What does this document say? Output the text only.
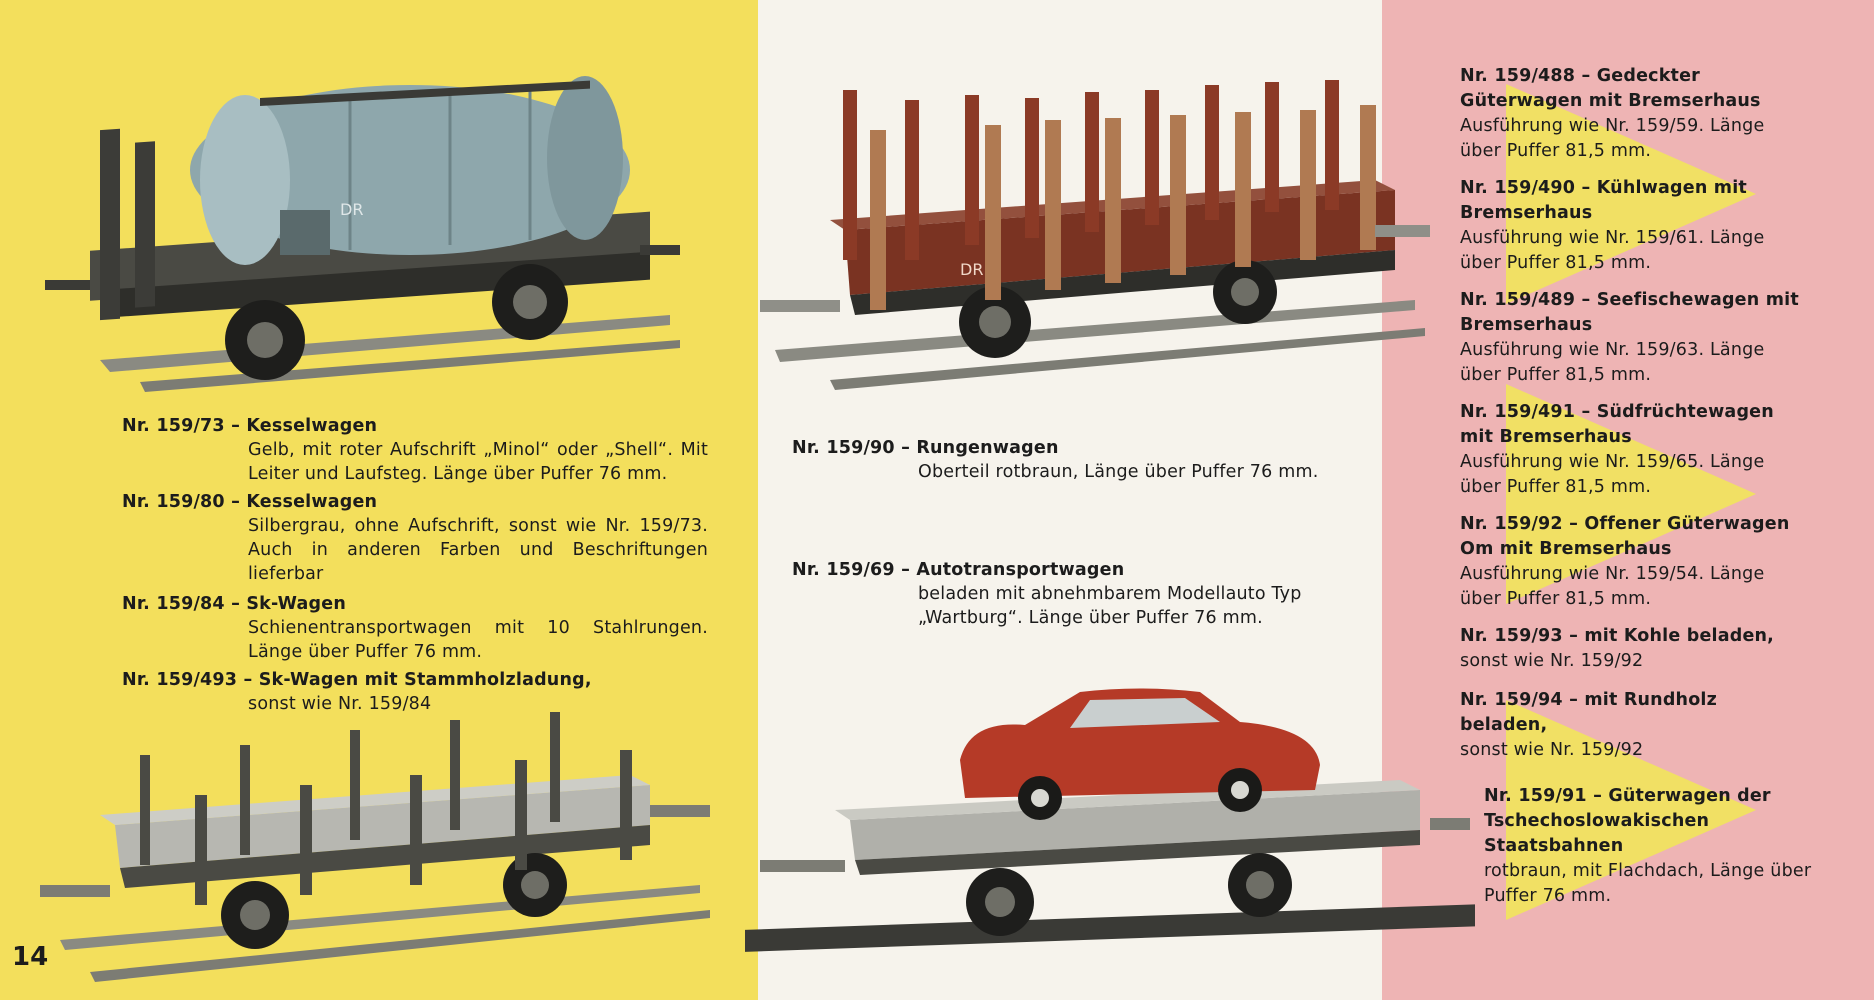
DR
DR
Nr. 159/73 – Kesselwagen
Gelb, mit roter Aufschrift „Minol“ oder „Shell“. Mit Leiter und Laufsteg. Länge über Puffer 76 mm.
Nr. 159/80 – Kesselwagen
Silbergrau, ohne Aufschrift, sonst wie Nr. 159/73. Auch in anderen Farben und Beschriftungen lieferbar
Nr. 159/84 – Sk-Wagen
Schienentransportwagen mit 10 Stahlrungen. Länge über Puffer 76 mm.
Nr. 159/493 – Sk-Wagen mit Stammholzladung,
sonst wie Nr. 159/84
Nr. 159/90 – Rungenwagen
Oberteil rotbraun, Länge über Puffer 76 mm.
Nr. 159/69 – Autotransportwagen
beladen mit abnehmbarem Modellauto Typ „Wartburg“. Länge über Puffer 76 mm.
Nr. 159/488 – Gedeckter Güterwagen mit Bremserhaus
Ausführung wie Nr. 159/59. Länge über Puffer 81,5 mm.
Nr. 159/490 – Kühlwagen mit Bremserhaus
Ausführung wie Nr. 159/61. Länge über Puffer 81,5 mm.
Nr. 159/489 – Seefischewagen mit Bremserhaus
Ausführung wie Nr. 159/63. Länge über Puffer 81,5 mm.
Nr. 159/491 – Südfrüchtewagen mit Bremserhaus
Ausführung wie Nr. 159/65. Länge über Puffer 81,5 mm.
Nr. 159/92 – Offener Güterwagen Om mit Bremserhaus
Ausführung wie Nr. 159/54. Länge über Puffer 81,5 mm.
Nr. 159/93 – mit Kohle beladen,
sonst wie Nr. 159/92
Nr. 159/94 – mit Rundholz beladen,
sonst wie Nr. 159/92
Nr. 159/91 – Güterwagen der Tschechoslowakischen Staatsbahnen
rotbraun, mit Flachdach, Länge über Puffer 76 mm.
14
